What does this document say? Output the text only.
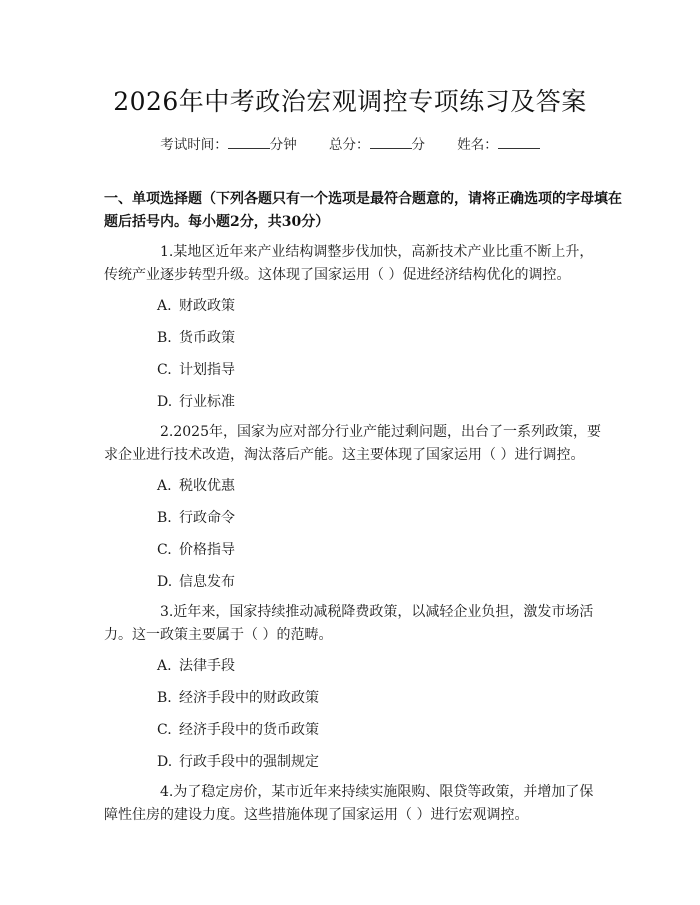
2026年中考政治宏观调控专项练习及答案
考试时间：	分钟 总分：	分 姓名：
一、单项选择题（下列各题只有一个选项是最符合题意的，请将正确选项的字母填在题后括号内。每小题2分，共30分）
1.某地区近年来产业结构调整步伐加快，高新技术产业比重不断上升，传统产业逐步转型升级。这体现了国家运用（ ）促进经济结构优化的调控。
A. 财政政策
B. 货币政策
C. 计划指导
D. 行业标准
2.2025年，国家为应对部分行业产能过剩问题，出台了一系列政策，要求企业进行技术改造，淘汰落后产能。这主要体现了国家运用（ ）进行调控。
A. 税收优惠
B. 行政命令
C. 价格指导
D. 信息发布
3.近年来，国家持续推动减税降费政策，以减轻企业负担，激发市场活力。这一政策主要属于（ ）的范畴。
A. 法律手段
B. 经济手段中的财政政策
C. 经济手段中的货币政策
D. 行政手段中的强制规定
4.为了稳定房价，某市近年来持续实施限购、限贷等政策，并增加了保障性住房的建设力度。这些措施体现了国家运用（ ）进行宏观调控。
